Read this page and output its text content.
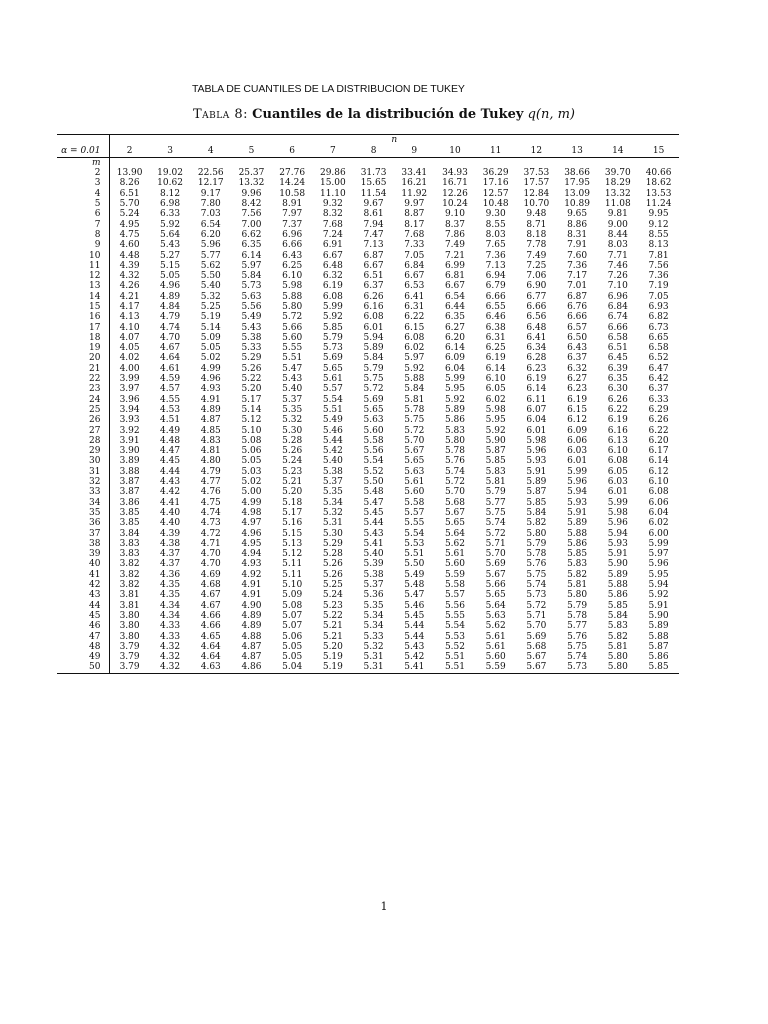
TABLA DE CUANTILES DE LA DISTRIBUCION DE TUKEY
Tabla 8: Cuantiles de la distribución de Tukey q(n, m)
	n													
α = 0.01	2	3	4	5	6	7	8	9	10	11	12	13	14	15
m														
2	13.90	19.02	22.56	25.37	27.76	29.86	31.73	33.41	34.93	36.29	37.53	38.66	39.70	40.66
3	8.26	10.62	12.17	13.32	14.24	15.00	15.65	16.21	16.71	17.16	17.57	17.95	18.29	18.62
4	6.51	8.12	9.17	9.96	10.58	11.10	11.54	11.92	12.26	12.57	12.84	13.09	13.32	13.53
5	5.70	6.98	7.80	8.42	8.91	9.32	9.67	9.97	10.24	10.48	10.70	10.89	11.08	11.24
6	5.24	6.33	7.03	7.56	7.97	8.32	8.61	8.87	9.10	9.30	9.48	9.65	9.81	9.95
7	4.95	5.92	6.54	7.00	7.37	7.68	7.94	8.17	8.37	8.55	8.71	8.86	9.00	9.12
8	4.75	5.64	6.20	6.62	6.96	7.24	7.47	7.68	7.86	8.03	8.18	8.31	8.44	8.55
9	4.60	5.43	5.96	6.35	6.66	6.91	7.13	7.33	7.49	7.65	7.78	7.91	8.03	8.13
10	4.48	5.27	5.77	6.14	6.43	6.67	6.87	7.05	7.21	7.36	7.49	7.60	7.71	7.81
11	4.39	5.15	5.62	5.97	6.25	6.48	6.67	6.84	6.99	7.13	7.25	7.36	7.46	7.56
12	4.32	5.05	5.50	5.84	6.10	6.32	6.51	6.67	6.81	6.94	7.06	7.17	7.26	7.36
13	4.26	4.96	5.40	5.73	5.98	6.19	6.37	6.53	6.67	6.79	6.90	7.01	7.10	7.19
14	4.21	4.89	5.32	5.63	5.88	6.08	6.26	6.41	6.54	6.66	6.77	6.87	6.96	7.05
15	4.17	4.84	5.25	5.56	5.80	5.99	6.16	6.31	6.44	6.55	6.66	6.76	6.84	6.93
16	4.13	4.79	5.19	5.49	5.72	5.92	6.08	6.22	6.35	6.46	6.56	6.66	6.74	6.82
17	4.10	4.74	5.14	5.43	5.66	5.85	6.01	6.15	6.27	6.38	6.48	6.57	6.66	6.73
18	4.07	4.70	5.09	5.38	5.60	5.79	5.94	6.08	6.20	6.31	6.41	6.50	6.58	6.65
19	4.05	4.67	5.05	5.33	5.55	5.73	5.89	6.02	6.14	6.25	6.34	6.43	6.51	6.58
20	4.02	4.64	5.02	5.29	5.51	5.69	5.84	5.97	6.09	6.19	6.28	6.37	6.45	6.52
21	4.00	4.61	4.99	5.26	5.47	5.65	5.79	5.92	6.04	6.14	6.23	6.32	6.39	6.47
22	3.99	4.59	4.96	5.22	5.43	5.61	5.75	5.88	5.99	6.10	6.19	6.27	6.35	6.42
23	3.97	4.57	4.93	5.20	5.40	5.57	5.72	5.84	5.95	6.05	6.14	6.23	6.30	6.37
24	3.96	4.55	4.91	5.17	5.37	5.54	5.69	5.81	5.92	6.02	6.11	6.19	6.26	6.33
25	3.94	4.53	4.89	5.14	5.35	5.51	5.65	5.78	5.89	5.98	6.07	6.15	6.22	6.29
26	3.93	4.51	4.87	5.12	5.32	5.49	5.63	5.75	5.86	5.95	6.04	6.12	6.19	6.26
27	3.92	4.49	4.85	5.10	5.30	5.46	5.60	5.72	5.83	5.92	6.01	6.09	6.16	6.22
28	3.91	4.48	4.83	5.08	5.28	5.44	5.58	5.70	5.80	5.90	5.98	6.06	6.13	6.20
29	3.90	4.47	4.81	5.06	5.26	5.42	5.56	5.67	5.78	5.87	5.96	6.03	6.10	6.17
30	3.89	4.45	4.80	5.05	5.24	5.40	5.54	5.65	5.76	5.85	5.93	6.01	6.08	6.14
31	3.88	4.44	4.79	5.03	5.23	5.38	5.52	5.63	5.74	5.83	5.91	5.99	6.05	6.12
32	3.87	4.43	4.77	5.02	5.21	5.37	5.50	5.61	5.72	5.81	5.89	5.96	6.03	6.10
33	3.87	4.42	4.76	5.00	5.20	5.35	5.48	5.60	5.70	5.79	5.87	5.94	6.01	6.08
34	3.86	4.41	4.75	4.99	5.18	5.34	5.47	5.58	5.68	5.77	5.85	5.93	5.99	6.06
35	3.85	4.40	4.74	4.98	5.17	5.32	5.45	5.57	5.67	5.75	5.84	5.91	5.98	6.04
36	3.85	4.40	4.73	4.97	5.16	5.31	5.44	5.55	5.65	5.74	5.82	5.89	5.96	6.02
37	3.84	4.39	4.72	4.96	5.15	5.30	5.43	5.54	5.64	5.72	5.80	5.88	5.94	6.00
38	3.83	4.38	4.71	4.95	5.13	5.29	5.41	5.53	5.62	5.71	5.79	5.86	5.93	5.99
39	3.83	4.37	4.70	4.94	5.12	5.28	5.40	5.51	5.61	5.70	5.78	5.85	5.91	5.97
40	3.82	4.37	4.70	4.93	5.11	5.26	5.39	5.50	5.60	5.69	5.76	5.83	5.90	5.96
41	3.82	4.36	4.69	4.92	5.11	5.26	5.38	5.49	5.59	5.67	5.75	5.82	5.89	5.95
42	3.82	4.35	4.68	4.91	5.10	5.25	5.37	5.48	5.58	5.66	5.74	5.81	5.88	5.94
43	3.81	4.35	4.67	4.91	5.09	5.24	5.36	5.47	5.57	5.65	5.73	5.80	5.86	5.92
44	3.81	4.34	4.67	4.90	5.08	5.23	5.35	5.46	5.56	5.64	5.72	5.79	5.85	5.91
45	3.80	4.34	4.66	4.89	5.07	5.22	5.34	5.45	5.55	5.63	5.71	5.78	5.84	5.90
46	3.80	4.33	4.66	4.89	5.07	5.21	5.34	5.44	5.54	5.62	5.70	5.77	5.83	5.89
47	3.80	4.33	4.65	4.88	5.06	5.21	5.33	5.44	5.53	5.61	5.69	5.76	5.82	5.88
48	3.79	4.32	4.64	4.87	5.05	5.20	5.32	5.43	5.52	5.61	5.68	5.75	5.81	5.87
49	3.79	4.32	4.64	4.87	5.05	5.19	5.31	5.42	5.51	5.60	5.67	5.74	5.80	5.86
50	3.79	4.32	4.63	4.86	5.04	5.19	5.31	5.41	5.51	5.59	5.67	5.73	5.80	5.85
1
